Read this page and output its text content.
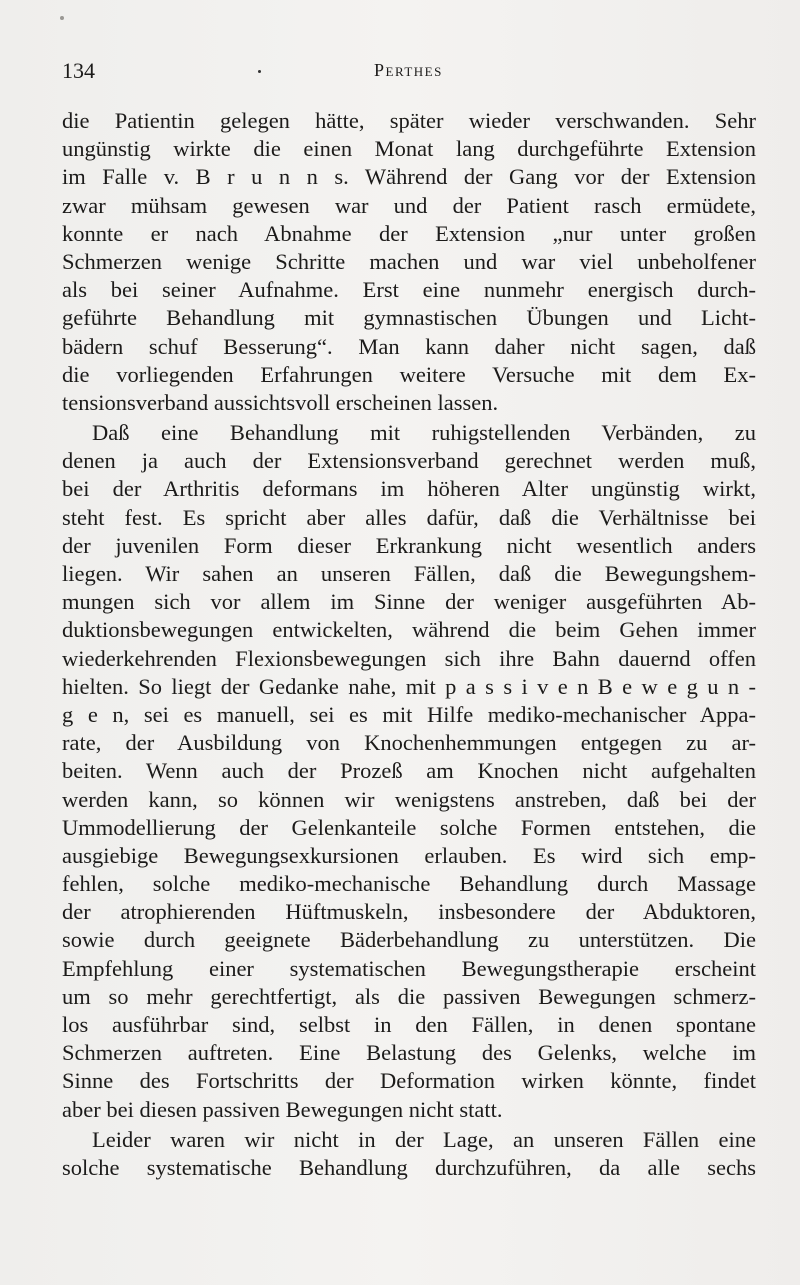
134	Perthes
die Patientin gelegen hätte, später wieder verschwanden. Sehr
ungünstig wirkte die einen Monat lang durchgeführte Extension
im Falle v. B r u n n s. Während der Gang vor der Extension
zwar mühsam gewesen war und der Patient rasch ermüdete,
konnte er nach Abnahme der Extension „nur unter großen
Schmerzen wenige Schritte machen und war viel unbeholfener
als bei seiner Aufnahme. Erst eine nunmehr energisch durch-
geführte Behandlung mit gymnastischen Übungen und Licht-
bädern schuf Besserung“. Man kann daher nicht sagen, daß
die vorliegenden Erfahrungen weitere Versuche mit dem Ex-
tensionsverband aussichtsvoll erscheinen lassen.
Daß eine Behandlung mit ruhigstellenden Verbänden, zu
denen ja auch der Extensionsverband gerechnet werden muß,
bei der Arthritis deformans im höheren Alter ungünstig wirkt,
steht fest. Es spricht aber alles dafür, daß die Verhältnisse bei
der juvenilen Form dieser Erkrankung nicht wesentlich anders
liegen. Wir sahen an unseren Fällen, daß die Bewegungshem-
mungen sich vor allem im Sinne der weniger ausgeführten Ab-
duktionsbewegungen entwickelten, während die beim Gehen immer
wiederkehrenden Flexionsbewegungen sich ihre Bahn dauernd offen
hielten. So liegt der Gedanke nahe, mit p a s s i v e n B e w e g u n -
g e n, sei es manuell, sei es mit Hilfe mediko-mechanischer Appa-
rate, der Ausbildung von Knochenhemmungen entgegen zu ar-
beiten. Wenn auch der Prozeß am Knochen nicht aufgehalten
werden kann, so können wir wenigstens anstreben, daß bei der
Ummodellierung der Gelenkanteile solche Formen entstehen, die
ausgiebige Bewegungsexkursionen erlauben. Es wird sich emp-
fehlen, solche mediko-mechanische Behandlung durch Massage
der atrophierenden Hüftmuskeln, insbesondere der Abduktoren,
sowie durch geeignete Bäderbehandlung zu unterstützen. Die
Empfehlung einer systematischen Bewegungstherapie erscheint
um so mehr gerechtfertigt, als die passiven Bewegungen schmerz-
los ausführbar sind, selbst in den Fällen, in denen spontane
Schmerzen auftreten. Eine Belastung des Gelenks, welche im
Sinne des Fortschritts der Deformation wirken könnte, findet
aber bei diesen passiven Bewegungen nicht statt.
Leider waren wir nicht in der Lage, an unseren Fällen eine
solche systematische Behandlung durchzuführen, da alle sechs
